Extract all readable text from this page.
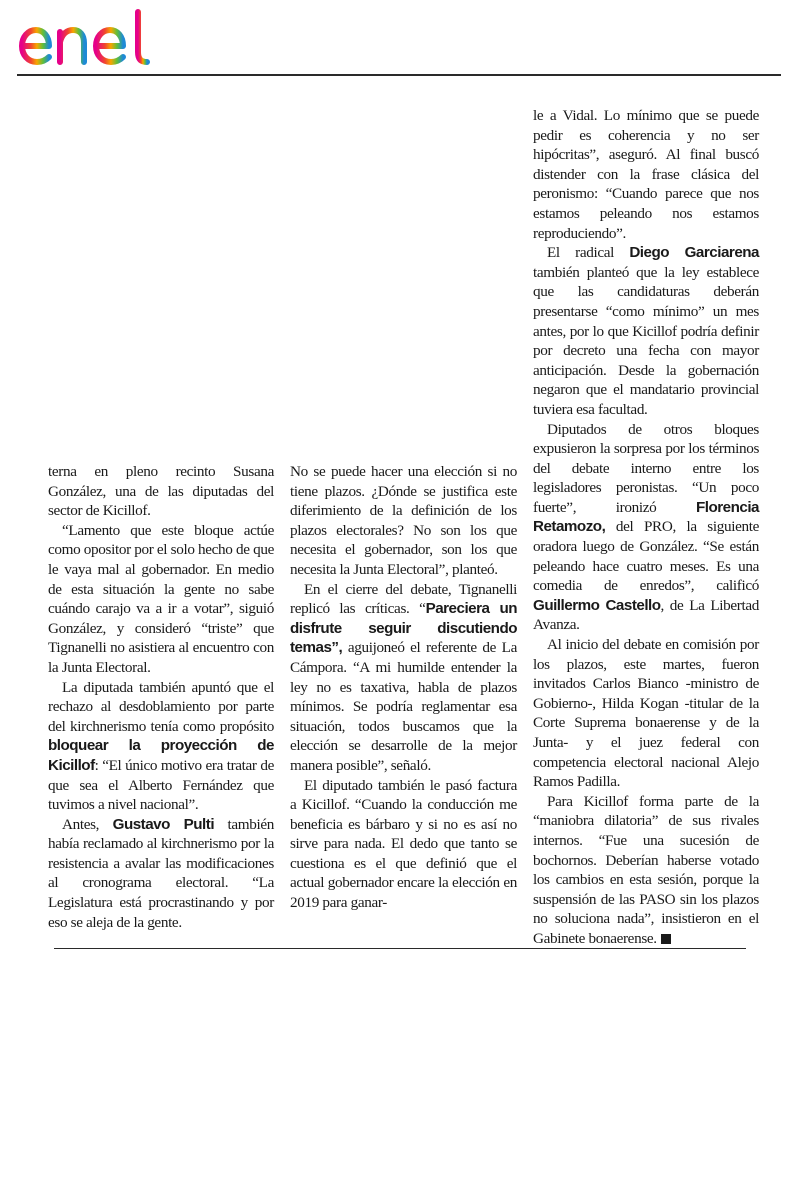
terna en pleno recinto Susana González, una de las diputadas del sector de Kicillof.

“Lamento que este bloque actúe como opositor por el solo hecho de que le vaya mal al gobernador. En medio de esta situación la gente no sabe cuándo carajo va a ir a votar”, siguió González, y consideró “triste” que Tignanelli no asistiera al encuentro con la Junta Electoral.

La diputada también apuntó que el rechazo al desdoblamiento por parte del kirchnerismo tenía como propósito bloquear la proyección de Kicillof: “El único motivo era tratar de que sea el Alberto Fernández que tuvimos a nivel nacional”.

Antes, Gustavo Pulti también había reclamado al kirchnerismo por la resistencia a avalar las modificaciones al cronograma electoral. “La Legislatura está procrastinando y por eso se aleja de la gente.

No se puede hacer una elección si no tiene plazos. ¿Dónde se justifica este diferimiento de la definición de los plazos electorales? No son los que necesita el gobernador, son los que necesita la Junta Electoral”, planteó.

En el cierre del debate, Tignanelli replicó las críticas. “Pareciera un disfrute seguir discutiendo temas”, aguijoneó el referente de La Cámpora. “A mi humilde entender la ley no es taxativa, habla de plazos mínimos. Se podría reglamentar esa situación, todos buscamos que la elección se desarrolle de la mejor manera posible”, señaló.

El diputado también le pasó factura a Kicillof. “Cuando la conducción me beneficia es bárbaro y si no es así no sirve para nada. El dedo que tanto se cuestiona es el que definió que el actual gobernador encare la elección en 2019 para ganar-

le a Vidal. Lo mínimo que se puede pedir es coherencia y no ser hipócritas”, aseguró. Al final buscó distender con la frase clásica del peronismo: “Cuando parece que nos estamos peleando nos estamos reproduciendo”.

El radical Diego Garciarena también planteó que la ley establece que las candidaturas deberán presentarse “como mínimo” un mes antes, por lo que Kicillof podría definir por decreto una fecha con mayor anticipación. Desde la gobernación negaron que el mandatario provincial tuviera esa facultad.

Diputados de otros bloques expusieron la sorpresa por los términos del debate interno entre los legisladores peronistas. “Un poco fuerte”, ironizó Florencia Retamozo, del PRO, la siguiente oradora luego de González. “Se están peleando hace cuatro meses. Es una comedia de enredos”, calificó Guillermo Castello, de La Libertad Avanza.

Al inicio del debate en comisión por los plazos, este martes, fueron invitados Carlos Bianco -ministro de Gobierno-, Hilda Kogan -titular de la Corte Suprema bonaerense y de la Junta- y el juez federal con competencia electoral nacional Alejo Ramos Padilla.

Para Kicillof forma parte de la “maniobra dilatoria” de sus rivales internos. “Fue una sucesión de bochornos. Deberían haberse votado los cambios en esta sesión, porque la suspensión de las PASO sin los plazos no soluciona nada”, insistieron en el Gabinete bonaerense.
